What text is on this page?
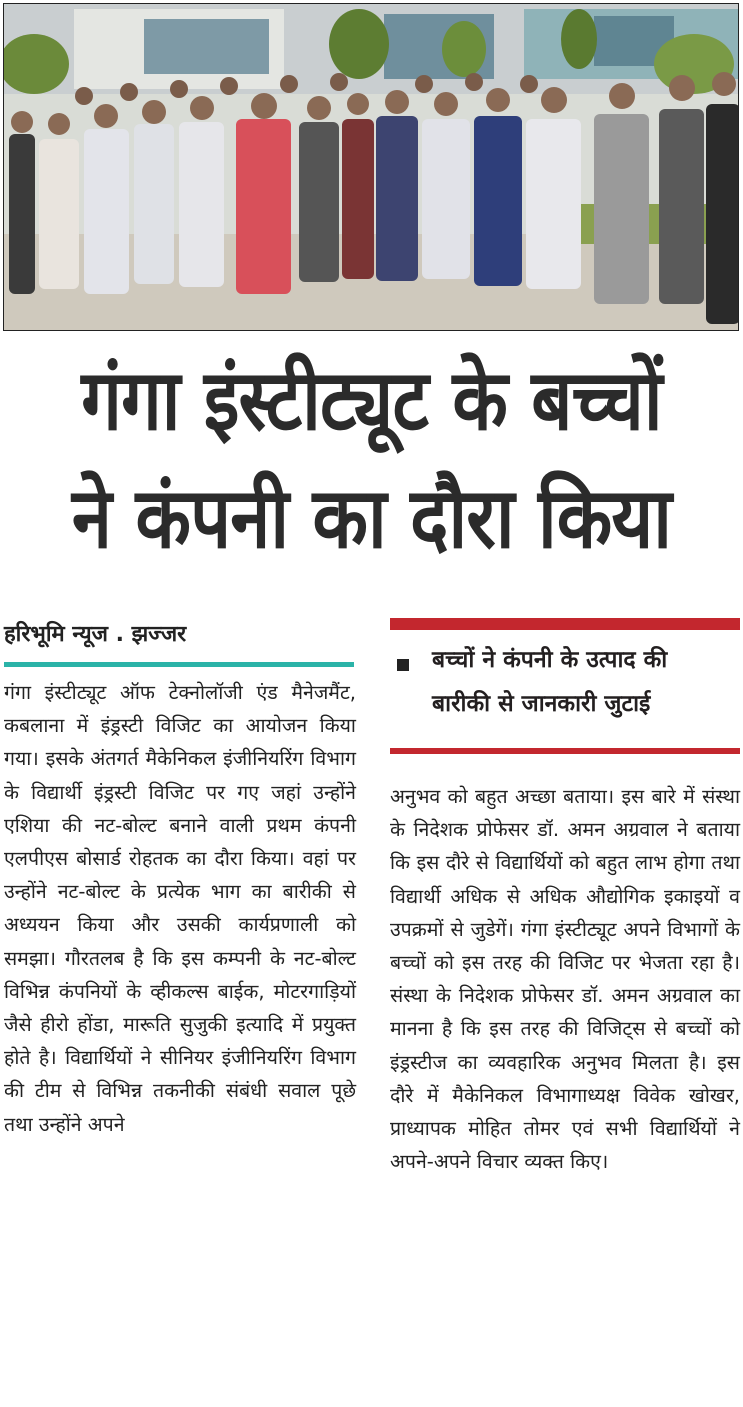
गंगा इंस्टीट्यूट के बच्चों
ने कंपनी का दौरा किया
हरिभूमि न्यूज . झज्जर
गंगा इंस्टीट्यूट ऑफ टेक्नोलॉजी एंड मैनेजमैंट, कबलाना में इंड्रस्टी विजिट का आयोजन किया गया। इसके अंतगर्त मैकेनिकल इंजीनियरिंग विभाग के विद्यार्थी इंड्रस्टी विजिट पर गए जहां उन्होंने एशिया की नट-बोल्ट बनाने वाली प्रथम कंपनी एलपीएस बोसार्ड रोहतक का दौरा किया। वहां पर उन्होंने नट-बोल्ट के प्रत्येक भाग का बारीकी से अध्ययन किया और उसकी कार्यप्रणाली को समझा। गौरतलब है कि इस कम्पनी के नट-बोल्ट विभिन्न कंपनियों के व्हीकल्स बाईक, मोटरगाड़ियों जैसे हीरो होंडा, मारूति सुजुकी इत्यादि में प्रयुक्त होते है। विद्यार्थियों ने सीनियर इंजीनियरिंग विभाग की टीम से विभिन्न तकनीकी संबंधी सवाल पूछे तथा उन्होंने अपने
बच्चों ने कंपनी के उत्पाद की
बारीकी से जानकारी जुटाई
अनुभव को बहुत अच्छा बताया। इस बारे में संस्था के निदेशक प्रोफेसर डॉ. अमन अग्रवाल ने बताया कि इस दौरे से विद्यार्थियों को बहुत लाभ होगा तथा विद्यार्थी अधिक से अधिक औद्योगिक इकाइयों व उपक्रमों से जुडेगें। गंगा इंस्टीट्यूट अपने विभागों के बच्चों को इस तरह की विजिट पर भेजता रहा है। संस्था के निदेशक प्रोफेसर डॉ. अमन अग्रवाल का मानना है कि इस तरह की विजिट्स से बच्चों को इंड्रस्टीज का व्यवहारिक अनुभव मिलता है। इस दौरे में मैकेनिकल विभागाध्यक्ष विवेक खोखर, प्राध्यापक मोहित तोमर एवं सभी विद्यार्थियों ने अपने-अपने विचार व्यक्त किए।
